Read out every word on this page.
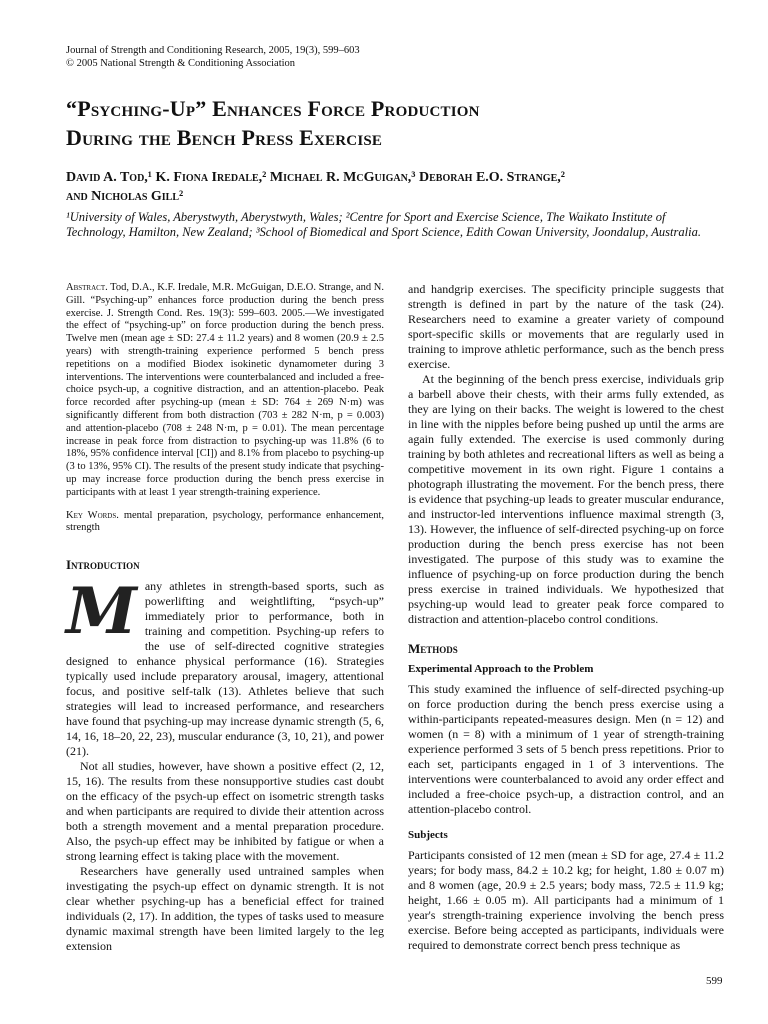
Journal of Strength and Conditioning Research, 2005, 19(3), 599–603
© 2005 National Strength & Conditioning Association
“Psyching-Up” Enhances Force Production
During the Bench Press Exercise
David A. Tod,¹ K. Fiona Iredale,² Michael R. McGuigan,³ Deborah E.O. Strange,²
and Nicholas Gill²
¹University of Wales, Aberystwyth, Aberystwyth, Wales; ²Centre for Sport and Exercise Science, The Waikato Institute of Technology, Hamilton, New Zealand; ³School of Biomedical and Sport Science, Edith Cowan University, Joondalup, Australia.

Abstract. Tod, D.A., K.F. Iredale, M.R. McGuigan, D.E.O. Strange, and N. Gill. “Psyching-up” enhances force production during the bench press exercise. J. Strength Cond. Res. 19(3): 599–603. 2005.—We investigated the effect of “psyching-up” on force production during the bench press. Twelve men (mean age ± SD: 27.4 ± 11.2 years) and 8 women (20.9 ± 2.5 years) with strength-training experience performed 5 bench press repetitions on a modified Biodex isokinetic dynamometer during 3 interventions. The interventions were counterbalanced and included a free-choice psych-up, a cognitive distraction, and an attention-placebo. Peak force recorded after psyching-up (mean ± SD: 764 ± 269 N·m) was significantly different from both distraction (703 ± 282 N·m, p = 0.003) and attention-placebo (708 ± 248 N·m, p = 0.01). The mean percentage increase in peak force from distraction to psyching-up was 11.8% (6 to 18%, 95% confidence interval [CI]) and 8.1% from placebo to psyching-up (3 to 13%, 95% CI). The results of the present study indicate that psyching-up may increase force production during the bench press exercise in participants with at least 1 year strength-training experience.

Key Words. mental preparation, psychology, performance enhancement, strength

Introduction

M any athletes in strength-based sports, such as powerlifting and weightlifting, “psych-up” immediately prior to performance, both in training and competition. Psyching-up refers to the use of self-directed cognitive strategies designed to enhance physical performance (16). Strategies typically used include preparatory arousal, imagery, attentional focus, and positive self-talk (13). Athletes believe that such strategies will lead to increased performance, and researchers have found that psyching-up may increase dynamic strength (5, 6, 14, 16, 18–20, 22, 23), muscular endurance (3, 10, 21), and power (21).

Not all studies, however, have shown a positive effect (2, 12, 15, 16). The results from these nonsupportive studies cast doubt on the efficacy of the psych-up effect on isometric strength tasks and when participants are required to divide their attention across both a strength movement and a mental preparation procedure. Also, the psych-up effect may be inhibited by fatigue or when a strong learning effect is taking place with the movement.

Researchers have generally used untrained samples when investigating the psych-up effect on dynamic strength. It is not clear whether psyching-up has a beneficial effect for trained individuals (2, 17). In addition, the types of tasks used to measure dynamic maximal strength have been limited largely to the leg extension

and handgrip exercises. The specificity principle suggests that strength is defined in part by the nature of the task (24). Researchers need to examine a greater variety of compound sport-specific skills or movements that are regularly used in training to improve athletic performance, such as the bench press exercise.

At the beginning of the bench press exercise, individuals grip a barbell above their chests, with their arms fully extended, as they are lying on their backs. The weight is lowered to the chest in line with the nipples before being pushed up until the arms are again fully extended. The exercise is used commonly during training by both athletes and recreational lifters as well as being a competitive movement in its own right. Figure 1 contains a photograph illustrating the movement. For the bench press, there is evidence that psyching-up leads to greater muscular endurance, and instructor-led interventions influence maximal strength (3, 13). However, the influence of self-directed psyching-up on force production during the bench press exercise has not been investigated. The purpose of this study was to examine the influence of psyching-up on force production during the bench press exercise in trained individuals. We hypothesized that psyching-up would lead to greater peak force compared to distraction and attention-placebo control conditions.

Methods
Experimental Approach to the Problem

This study examined the influence of self-directed psyching-up on force production during the bench press exercise using a within-participants repeated-measures design. Men (n = 12) and women (n = 8) with a minimum of 1 year of strength-training experience performed 3 sets of 5 bench press repetitions. Prior to each set, participants engaged in 1 of 3 interventions. The interventions were counterbalanced to avoid any order effect and included a free-choice psych-up, a distraction control, and an attention-placebo control.

Subjects

Participants consisted of 12 men (mean ± SD for age, 27.4 ± 11.2 years; for body mass, 84.2 ± 10.2 kg; for height, 1.80 ± 0.07 m) and 8 women (age, 20.9 ± 2.5 years; body mass, 72.5 ± 11.9 kg; height, 1.66 ± 0.05 m). All participants had a minimum of 1 year's strength-training experience involving the bench press exercise. Before being accepted as participants, individuals were required to demonstrate correct bench press technique as

599
